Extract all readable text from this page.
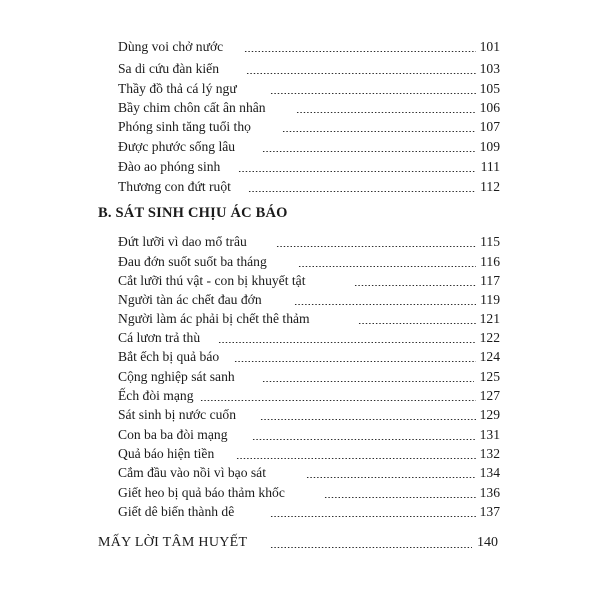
Dùng voi chở nước	101
Sa di cứu đàn kiến	103
Thầy đồ thả cá lý ngư	105
Bầy chim chôn cất ân nhân	106
Phóng sinh tăng tuổi thọ	107
Được phước sống lâu	109
Đào ao phóng sinh	111
Thương con đứt ruột	112
B. SÁT SINH CHỊU ÁC BÁO
Đứt lưỡi vì dao mổ trâu	115
Đau đớn suốt suốt ba tháng	116
Cắt lưỡi thú vật - con bị khuyết tật	117
Người tàn ác chết đau đớn	119
Người làm ác phải bị chết thê thảm	121
Cá lươn trả thù	122
Bắt ếch bị quả báo	124
Cộng nghiệp sát sanh	125
Ếch đòi mạng	127
Sát sinh bị nước cuốn	129
Con ba ba đòi mạng	131
Quả báo hiện tiền	132
Cắm đầu vào nồi vì bạo sát	134
Giết heo bị quả báo thảm khốc	136
Giết dê biến thành dê	137
MẤY LỜI TÂM HUYẾT	140
